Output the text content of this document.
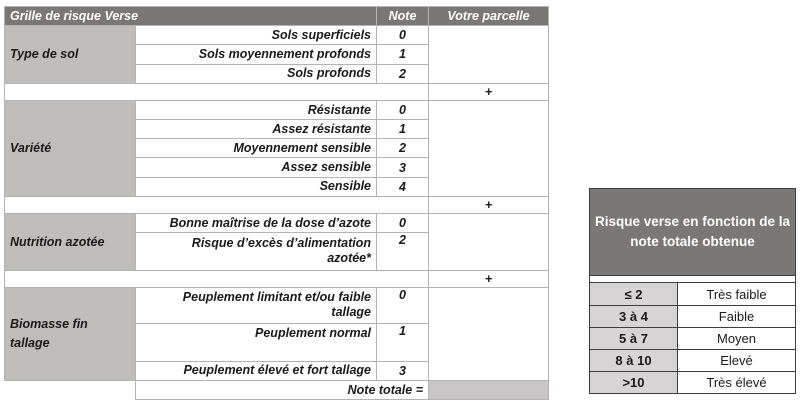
Grille de risque Verse		Note	Votre parcelle
Type de sol	Sols superficiels	0	
	Sols moyennement profonds	1	
	Sols profonds	2	
			+
Variété	Résistante	0	
	Assez résistante	1	
	Moyennement sensible	2	
	Assez sensible	3	
	Sensible	4	
			+
Nutrition azotée	Bonne maîtrise de la dose d’azote	0	
	Risque d’excès d’alimentation azotée*	2	
			+
Biomasse fin tallage	Peuplement limitant et/ou faible tallage	0	
	Peuplement normal	1	
	Peuplement élevé et fort tallage	3	
	Note totale =		
Risque verse en fonction de la note totale obtenue	

≤ 2	Très faible
3 à 4	Faible
5 à 7	Moyen
8 à 10	Elevé
>10	Très élevé
